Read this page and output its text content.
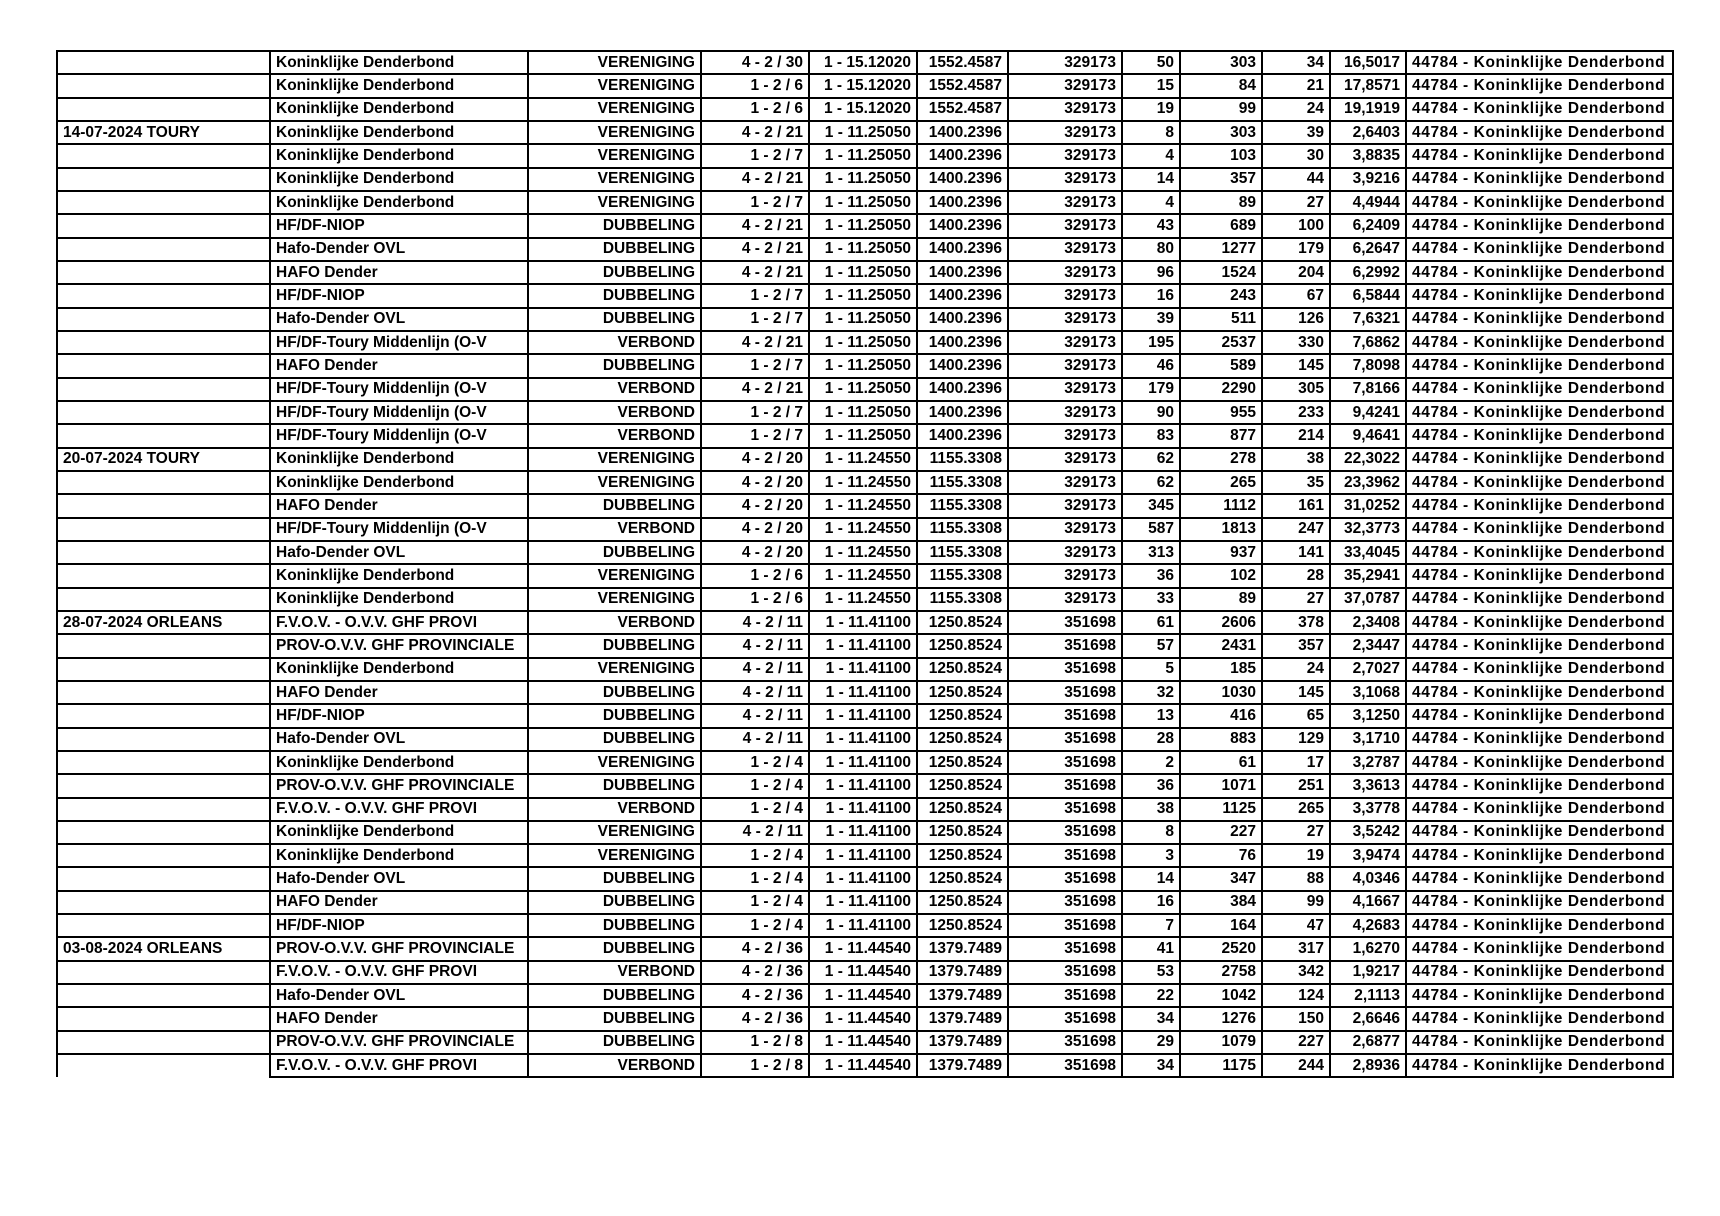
	Koninklijke Denderbond	VERENIGING	4 - 2 / 30	1 - 15.12020	1552.4587	329173	50	303	34	16,5017	44784 - Koninklijke Denderbond
	Koninklijke Denderbond	VERENIGING	1 - 2 / 6	1 - 15.12020	1552.4587	329173	15	84	21	17,8571	44784 - Koninklijke Denderbond
	Koninklijke Denderbond	VERENIGING	1 - 2 / 6	1 - 15.12020	1552.4587	329173	19	99	24	19,1919	44784 - Koninklijke Denderbond
14-07-2024 TOURY	Koninklijke Denderbond	VERENIGING	4 - 2 / 21	1 - 11.25050	1400.2396	329173	8	303	39	2,6403	44784 - Koninklijke Denderbond
	Koninklijke Denderbond	VERENIGING	1 - 2 / 7	1 - 11.25050	1400.2396	329173	4	103	30	3,8835	44784 - Koninklijke Denderbond
	Koninklijke Denderbond	VERENIGING	4 - 2 / 21	1 - 11.25050	1400.2396	329173	14	357	44	3,9216	44784 - Koninklijke Denderbond
	Koninklijke Denderbond	VERENIGING	1 - 2 / 7	1 - 11.25050	1400.2396	329173	4	89	27	4,4944	44784 - Koninklijke Denderbond
	HF/DF-NIOP	DUBBELING	4 - 2 / 21	1 - 11.25050	1400.2396	329173	43	689	100	6,2409	44784 - Koninklijke Denderbond
	Hafo-Dender OVL	DUBBELING	4 - 2 / 21	1 - 11.25050	1400.2396	329173	80	1277	179	6,2647	44784 - Koninklijke Denderbond
	HAFO Dender	DUBBELING	4 - 2 / 21	1 - 11.25050	1400.2396	329173	96	1524	204	6,2992	44784 - Koninklijke Denderbond
	HF/DF-NIOP	DUBBELING	1 - 2 / 7	1 - 11.25050	1400.2396	329173	16	243	67	6,5844	44784 - Koninklijke Denderbond
	Hafo-Dender OVL	DUBBELING	1 - 2 / 7	1 - 11.25050	1400.2396	329173	39	511	126	7,6321	44784 - Koninklijke Denderbond
	HF/DF-Toury Middenlijn (O-V	VERBOND	4 - 2 / 21	1 - 11.25050	1400.2396	329173	195	2537	330	7,6862	44784 - Koninklijke Denderbond
	HAFO Dender	DUBBELING	1 - 2 / 7	1 - 11.25050	1400.2396	329173	46	589	145	7,8098	44784 - Koninklijke Denderbond
	HF/DF-Toury Middenlijn (O-V	VERBOND	4 - 2 / 21	1 - 11.25050	1400.2396	329173	179	2290	305	7,8166	44784 - Koninklijke Denderbond
	HF/DF-Toury Middenlijn (O-V	VERBOND	1 - 2 / 7	1 - 11.25050	1400.2396	329173	90	955	233	9,4241	44784 - Koninklijke Denderbond
	HF/DF-Toury Middenlijn (O-V	VERBOND	1 - 2 / 7	1 - 11.25050	1400.2396	329173	83	877	214	9,4641	44784 - Koninklijke Denderbond
20-07-2024 TOURY	Koninklijke Denderbond	VERENIGING	4 - 2 / 20	1 - 11.24550	1155.3308	329173	62	278	38	22,3022	44784 - Koninklijke Denderbond
	Koninklijke Denderbond	VERENIGING	4 - 2 / 20	1 - 11.24550	1155.3308	329173	62	265	35	23,3962	44784 - Koninklijke Denderbond
	HAFO Dender	DUBBELING	4 - 2 / 20	1 - 11.24550	1155.3308	329173	345	1112	161	31,0252	44784 - Koninklijke Denderbond
	HF/DF-Toury Middenlijn (O-V	VERBOND	4 - 2 / 20	1 - 11.24550	1155.3308	329173	587	1813	247	32,3773	44784 - Koninklijke Denderbond
	Hafo-Dender OVL	DUBBELING	4 - 2 / 20	1 - 11.24550	1155.3308	329173	313	937	141	33,4045	44784 - Koninklijke Denderbond
	Koninklijke Denderbond	VERENIGING	1 - 2 / 6	1 - 11.24550	1155.3308	329173	36	102	28	35,2941	44784 - Koninklijke Denderbond
	Koninklijke Denderbond	VERENIGING	1 - 2 / 6	1 - 11.24550	1155.3308	329173	33	89	27	37,0787	44784 - Koninklijke Denderbond
28-07-2024 ORLEANS	F.V.O.V. - O.V.V. GHF PROVI	VERBOND	4 - 2 / 11	1 - 11.41100	1250.8524	351698	61	2606	378	2,3408	44784 - Koninklijke Denderbond
	PROV-O.V.V. GHF PROVINCIALE	DUBBELING	4 - 2 / 11	1 - 11.41100	1250.8524	351698	57	2431	357	2,3447	44784 - Koninklijke Denderbond
	Koninklijke Denderbond	VERENIGING	4 - 2 / 11	1 - 11.41100	1250.8524	351698	5	185	24	2,7027	44784 - Koninklijke Denderbond
	HAFO Dender	DUBBELING	4 - 2 / 11	1 - 11.41100	1250.8524	351698	32	1030	145	3,1068	44784 - Koninklijke Denderbond
	HF/DF-NIOP	DUBBELING	4 - 2 / 11	1 - 11.41100	1250.8524	351698	13	416	65	3,1250	44784 - Koninklijke Denderbond
	Hafo-Dender OVL	DUBBELING	4 - 2 / 11	1 - 11.41100	1250.8524	351698	28	883	129	3,1710	44784 - Koninklijke Denderbond
	Koninklijke Denderbond	VERENIGING	1 - 2 / 4	1 - 11.41100	1250.8524	351698	2	61	17	3,2787	44784 - Koninklijke Denderbond
	PROV-O.V.V. GHF PROVINCIALE	DUBBELING	1 - 2 / 4	1 - 11.41100	1250.8524	351698	36	1071	251	3,3613	44784 - Koninklijke Denderbond
	F.V.O.V. - O.V.V. GHF PROVI	VERBOND	1 - 2 / 4	1 - 11.41100	1250.8524	351698	38	1125	265	3,3778	44784 - Koninklijke Denderbond
	Koninklijke Denderbond	VERENIGING	4 - 2 / 11	1 - 11.41100	1250.8524	351698	8	227	27	3,5242	44784 - Koninklijke Denderbond
	Koninklijke Denderbond	VERENIGING	1 - 2 / 4	1 - 11.41100	1250.8524	351698	3	76	19	3,9474	44784 - Koninklijke Denderbond
	Hafo-Dender OVL	DUBBELING	1 - 2 / 4	1 - 11.41100	1250.8524	351698	14	347	88	4,0346	44784 - Koninklijke Denderbond
	HAFO Dender	DUBBELING	1 - 2 / 4	1 - 11.41100	1250.8524	351698	16	384	99	4,1667	44784 - Koninklijke Denderbond
	HF/DF-NIOP	DUBBELING	1 - 2 / 4	1 - 11.41100	1250.8524	351698	7	164	47	4,2683	44784 - Koninklijke Denderbond
03-08-2024 ORLEANS	PROV-O.V.V. GHF PROVINCIALE	DUBBELING	4 - 2 / 36	1 - 11.44540	1379.7489	351698	41	2520	317	1,6270	44784 - Koninklijke Denderbond
	F.V.O.V. - O.V.V. GHF PROVI	VERBOND	4 - 2 / 36	1 - 11.44540	1379.7489	351698	53	2758	342	1,9217	44784 - Koninklijke Denderbond
	Hafo-Dender OVL	DUBBELING	4 - 2 / 36	1 - 11.44540	1379.7489	351698	22	1042	124	2,1113	44784 - Koninklijke Denderbond
	HAFO Dender	DUBBELING	4 - 2 / 36	1 - 11.44540	1379.7489	351698	34	1276	150	2,6646	44784 - Koninklijke Denderbond
	PROV-O.V.V. GHF PROVINCIALE	DUBBELING	1 - 2 / 8	1 - 11.44540	1379.7489	351698	29	1079	227	2,6877	44784 - Koninklijke Denderbond
	F.V.O.V. - O.V.V. GHF PROVI	VERBOND	1 - 2 / 8	1 - 11.44540	1379.7489	351698	34	1175	244	2,8936	44784 - Koninklijke Denderbond
